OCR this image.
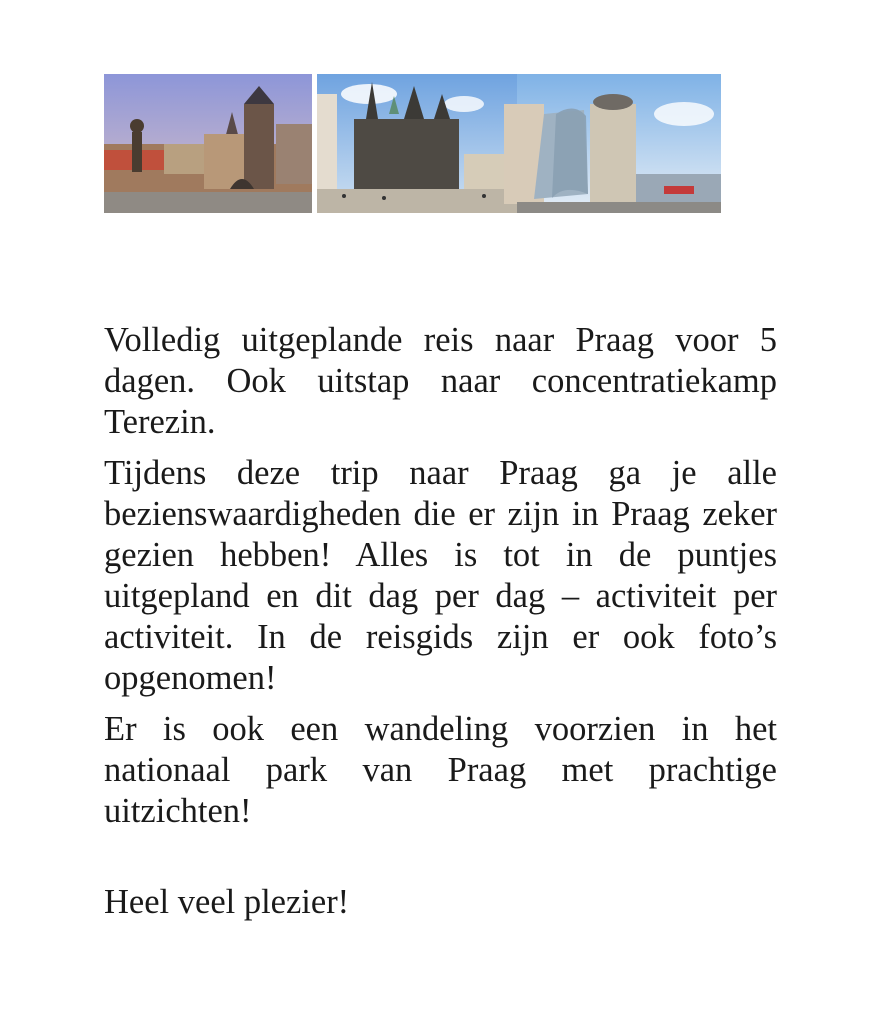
Volledig uitgeplande reis naar Praag voor 5 dagen. Ook uitstap naar concentratiekamp Terezin.

Tijdens deze trip naar Praag ga je alle bezienswaardigheden die er zijn in Praag zeker gezien hebben! Alles is tot in de puntjes uitgepland en dit dag per dag – activiteit per activiteit. In de reisgids zijn er ook foto’s opgenomen!

Er is ook een wandeling voorzien in het nationaal park van Praag met prachtige uitzichten!

Heel veel plezier!
